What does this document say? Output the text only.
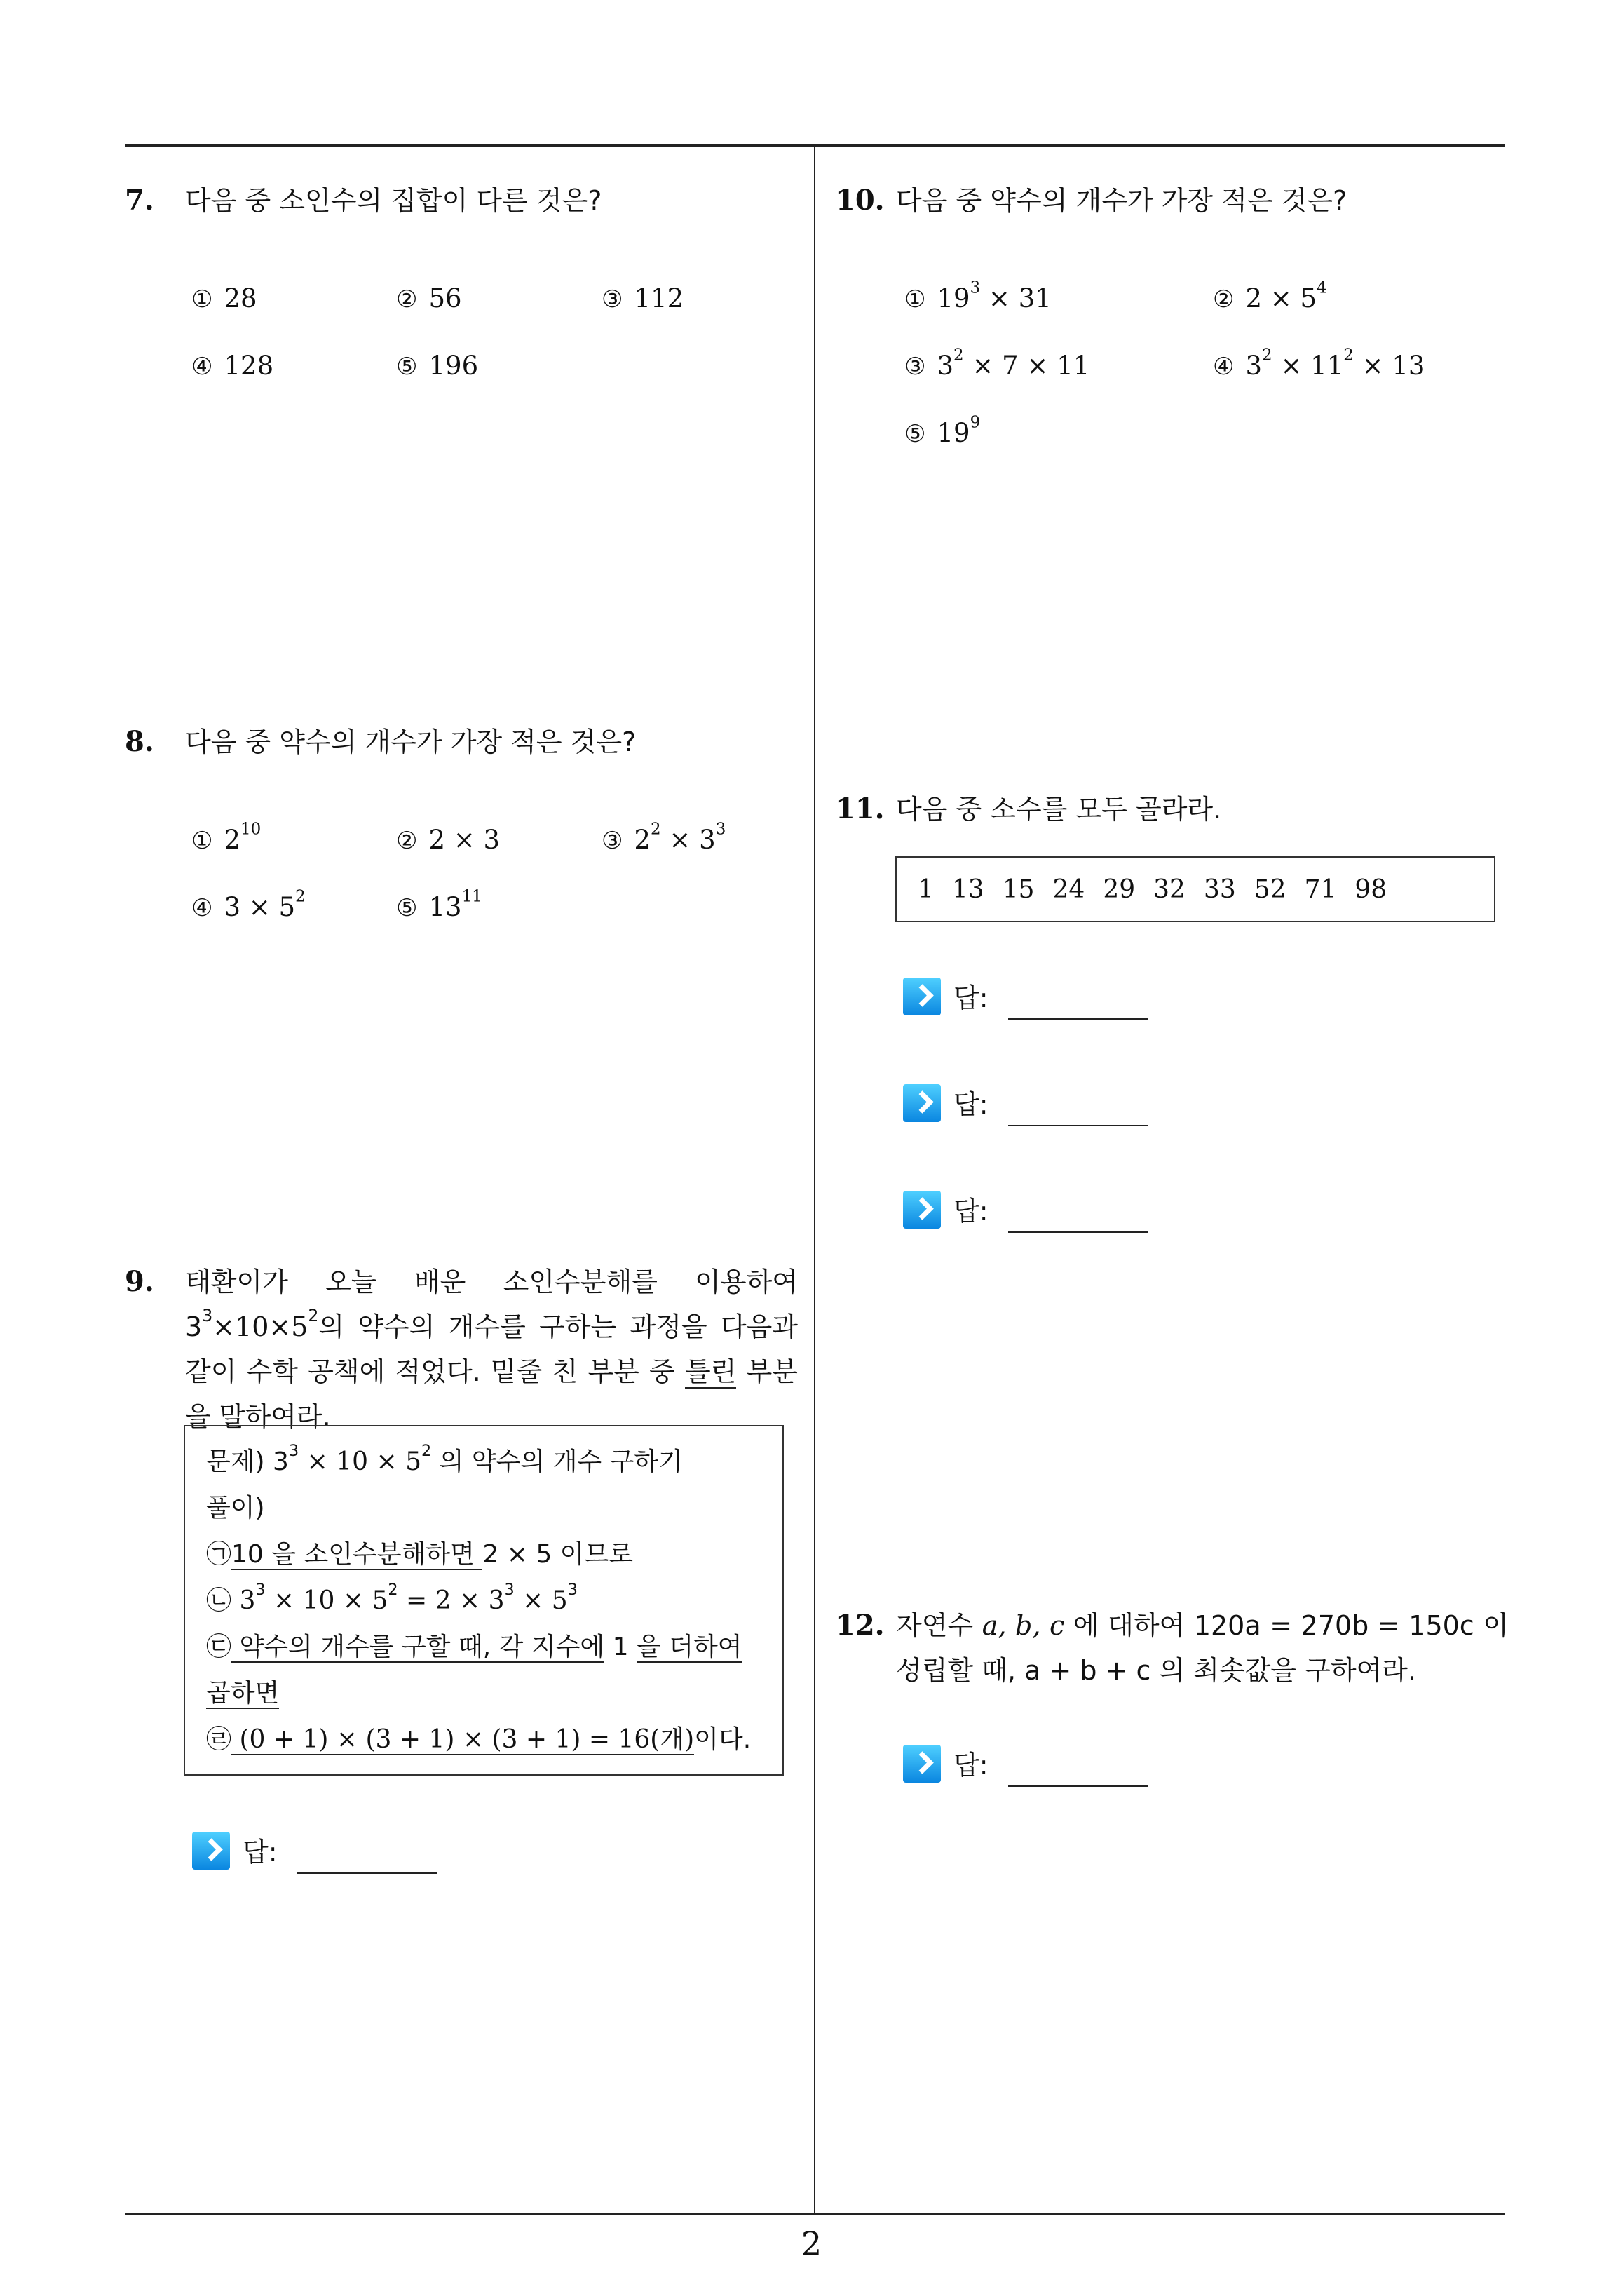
7.	다음 중 소인수의 집합이 다른 것은?
① 28	② 56	③ 112
④ 128	⑤ 196
8.	다음 중 약수의 개수가 가장 적은 것은?
① $2^{10}$	② 2 × 3	③ $2^2 \times 3^3$
④ $3 \times 5^2$	⑤ $13^{11}$
9.	태환이가 오늘 배운 소인수분해를 이용하여 $3^3\times 10\times 5^2$의 약수의 개수를 구하는 과정을 다음과 같이 수학 공책에 적었다. 밑줄 친 부분 중 틀린 부분을 말하여라.
문제) $3^3 \times 10 \times 5^2$ 의 약수의 개수 구하기
풀이)
㉠10 을 소인수분해하면 2 × 5 이므로
㉡ $3^3 \times 10 \times 5^2 = 2 \times 3^3 \times 5^3$
㉢ 약수의 개수를 구할 때, 각 지수에 1 을 더하여
곱하면
㉣ (0 + 1) × (3 + 1) × (3 + 1) = 16(개)이다.
답:
10. 다음 중 약수의 개수가 가장 적은 것은?
① $19^3 \times 31$	② $2 \times 5^4$
③ $3^2 \times 7 \times 11$	④ $3^2 \times 11^2 \times 13$
⑤ $19^9$
11. 다음 중 소수를 모두 골라라.
1 13 15 24 29 32 33 52 71 98
답:
답:
답:
12. 자연수 a, b, c 에 대하여 120a = 270b = 150c 이 성립할 때, a + b + c 의 최솟값을 구하여라.
답:
2
